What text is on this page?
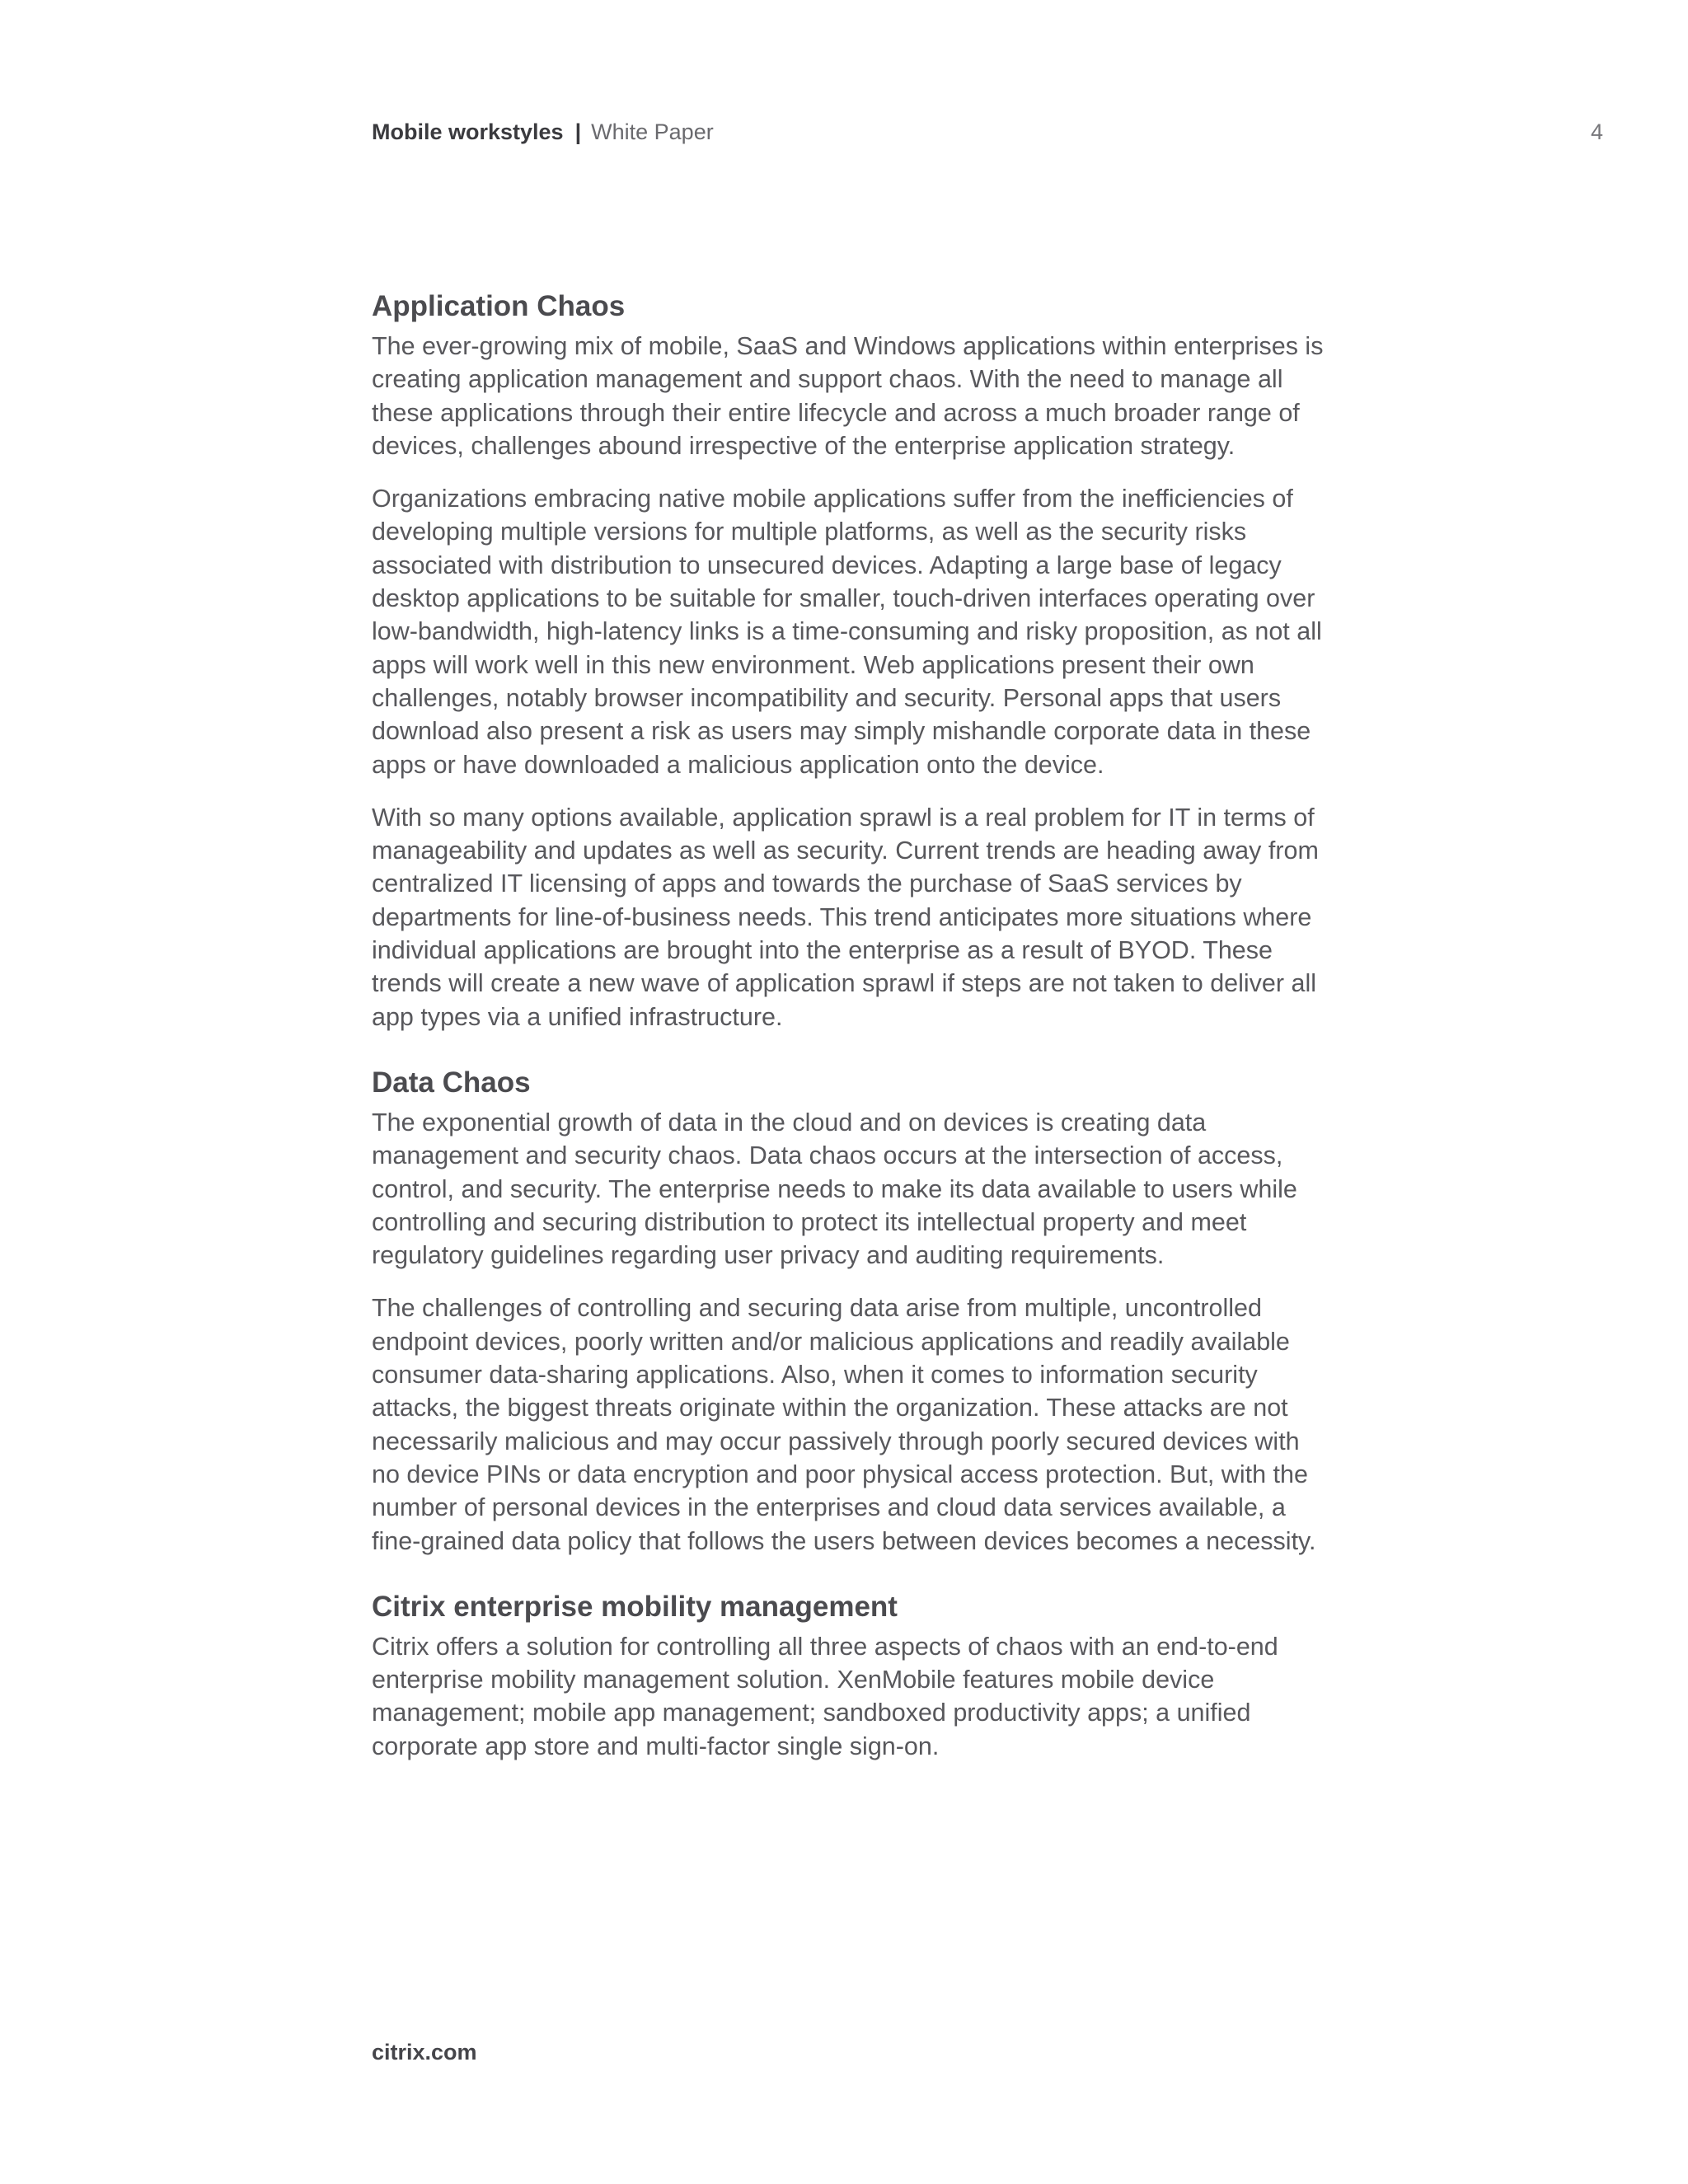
Mobile workstyles | White Paper	4
Application Chaos

The ever-growing mix of mobile, SaaS and Windows applications within enterprises is creating application management and support chaos. With the need to manage all these applications through their entire lifecycle and across a much broader range of devices, challenges abound irrespective of the enterprise application strategy.

Organizations embracing native mobile applications suffer from the inefficiencies of developing multiple versions for multiple platforms, as well as the security risks associated with distribution to unsecured devices. Adapting a large base of legacy desktop applications to be suitable for smaller, touch-driven interfaces operating over low-bandwidth, high-latency links is a time-consuming and risky proposition, as not all apps will work well in this new environment. Web applications present their own challenges, notably browser incompatibility and security. Personal apps that users download also present a risk as users may simply mishandle corporate data in these apps or have downloaded a malicious application onto the device.

With so many options available, application sprawl is a real problem for IT in terms of manageability and updates as well as security. Current trends are heading away from centralized IT licensing of apps and towards the purchase of SaaS services by departments for line-of-business needs. This trend anticipates more situations where individual applications are brought into the enterprise as a result of BYOD. These trends will create a new wave of application sprawl if steps are not taken to deliver all app types via a unified infrastructure.

Data Chaos

The exponential growth of data in the cloud and on devices is creating data management and security chaos. Data chaos occurs at the intersection of access, control, and security. The enterprise needs to make its data available to users while controlling and securing distribution to protect its intellectual property and meet regulatory guidelines regarding user privacy and auditing requirements.

The challenges of controlling and securing data arise from multiple, uncontrolled endpoint devices, poorly written and/or malicious applications and readily available consumer data-sharing applications. Also, when it comes to information security attacks, the biggest threats originate within the organization. These attacks are not necessarily malicious and may occur passively through poorly secured devices with no device PINs or data encryption and poor physical access protection. But, with the number of personal devices in the enterprises and cloud data services available, a fine-grained data policy that follows the users between devices becomes a necessity.

Citrix enterprise mobility management

Citrix offers a solution for controlling all three aspects of chaos with an end-to-end enterprise mobility management solution. XenMobile features mobile device management; mobile app management; sandboxed productivity apps; a unified corporate app store and multi-factor single sign-on.

citrix.com
